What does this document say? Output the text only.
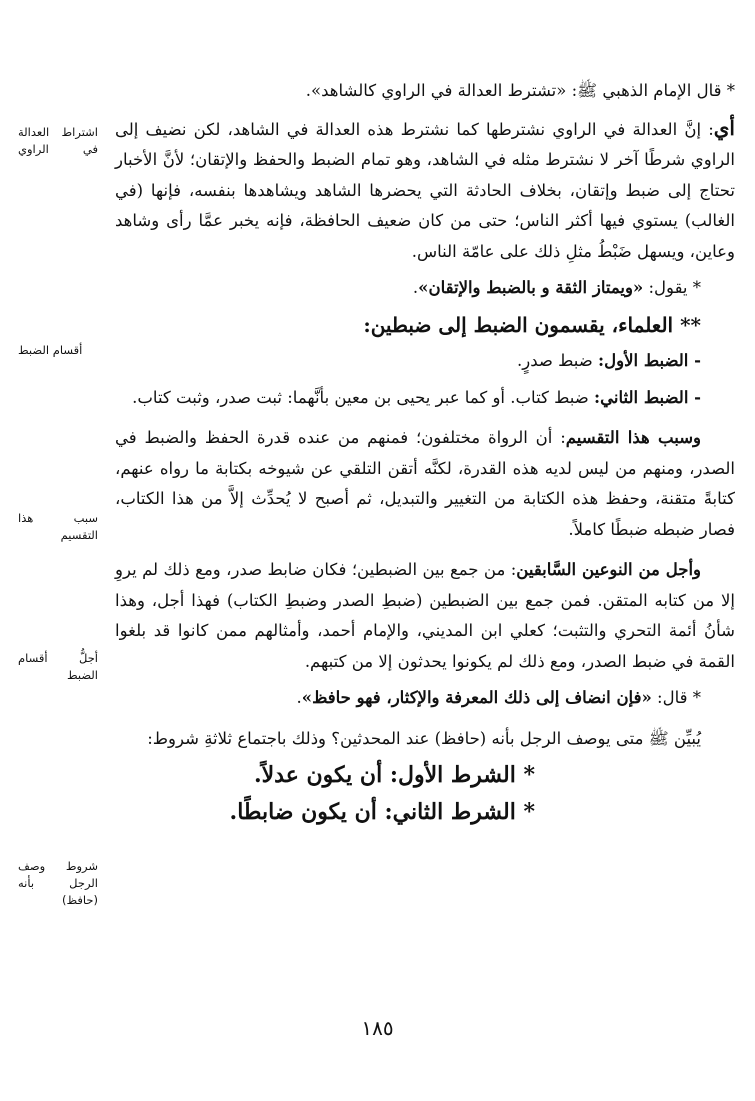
* قال الإمام الذهبي ﷺ: «تشترط العدالة في الراوي كالشاهد».

أي: إنَّ العدالة في الراوي نشترطها كما نشترط هذه العدالة في الشاهد، لكن نضيف إلى الراوي شرطًا آخر لا نشترط مثله في الشاهد، وهو تمام الضبط والحفظ والإتقان؛ لأنَّ الأخبار تحتاج إلى ضبط وإتقان، بخلاف الحادثة التي يحضرها الشاهد ويشاهدها بنفسه، فإنها (في الغالب) يستوي فيها أكثر الناس؛ حتى من كان ضعيف الحافظة، فإنه يخبر عمَّا رأى وشاهد وعاين، ويسهل ضَبْطُ مثلِ ذلك على عامّة الناس.

* يقول: «ويمتاز الثقة و بالضبط والإتقان».

** العلماء، يقسمون الضبط إلى ضبطين:

- الضبط الأول: ضبط صدرٍ.

- الضبط الثاني: ضبط كتاب. أو كما عبر يحيى بن معين بأنَّهما: ثبت صدر، وثبت كتاب.

وسبب هذا التقسيم: أن الرواة مختلفون؛ فمنهم من عنده قدرة الحفظ والضبط في الصدر، ومنهم من ليس لديه هذه القدرة، لكنَّه أتقن التلقي عن شيوخه بكتابة ما رواه عنهم، كتابةً متقنة، وحفظ هذه الكتابة من التغيير والتبديل، ثم أصبح لا يُحدِّث إلاَّ من هذا الكتاب، فصار ضبطه ضبطًا كاملاً.

وأجل من النوعين السَّابقين: من جمع بين الضبطين؛ فكان ضابط صدر، ومع ذلك لم يروِ إلا من كتابه المتقن. فمن جمع بين الضبطين (ضبطِ الصدر وضبطِ الكتاب) فهذا أجل، وهذا شأنُ أئمة التحري والتثبت؛ كعلي ابن المديني، والإمام أحمد، وأمثالهم ممن كانوا قد بلغوا القمة في ضبط الصدر، ومع ذلك لم يكونوا يحدثون إلا من كتبهم.

* قال: «فإن انضاف إلى ذلك المعرفة والإكثار، فهو حافظ».

يُبيِّن ﷺ متى يوصف الرجل بأنه (حافظ) عند المحدثين؟ وذلك باجتماع ثلاثةِ شروط:

* الشرط الأول: أن يكون عدلاً.

* الشرط الثاني: أن يكون ضابطًا.

اشتراط العدالة في الراوي
أقسام الضبط
سبب هذا التقسيم
أجلُّ أقسام الضبط
شروط وصف الرجل بأنه (حافظ)
١٨٥
